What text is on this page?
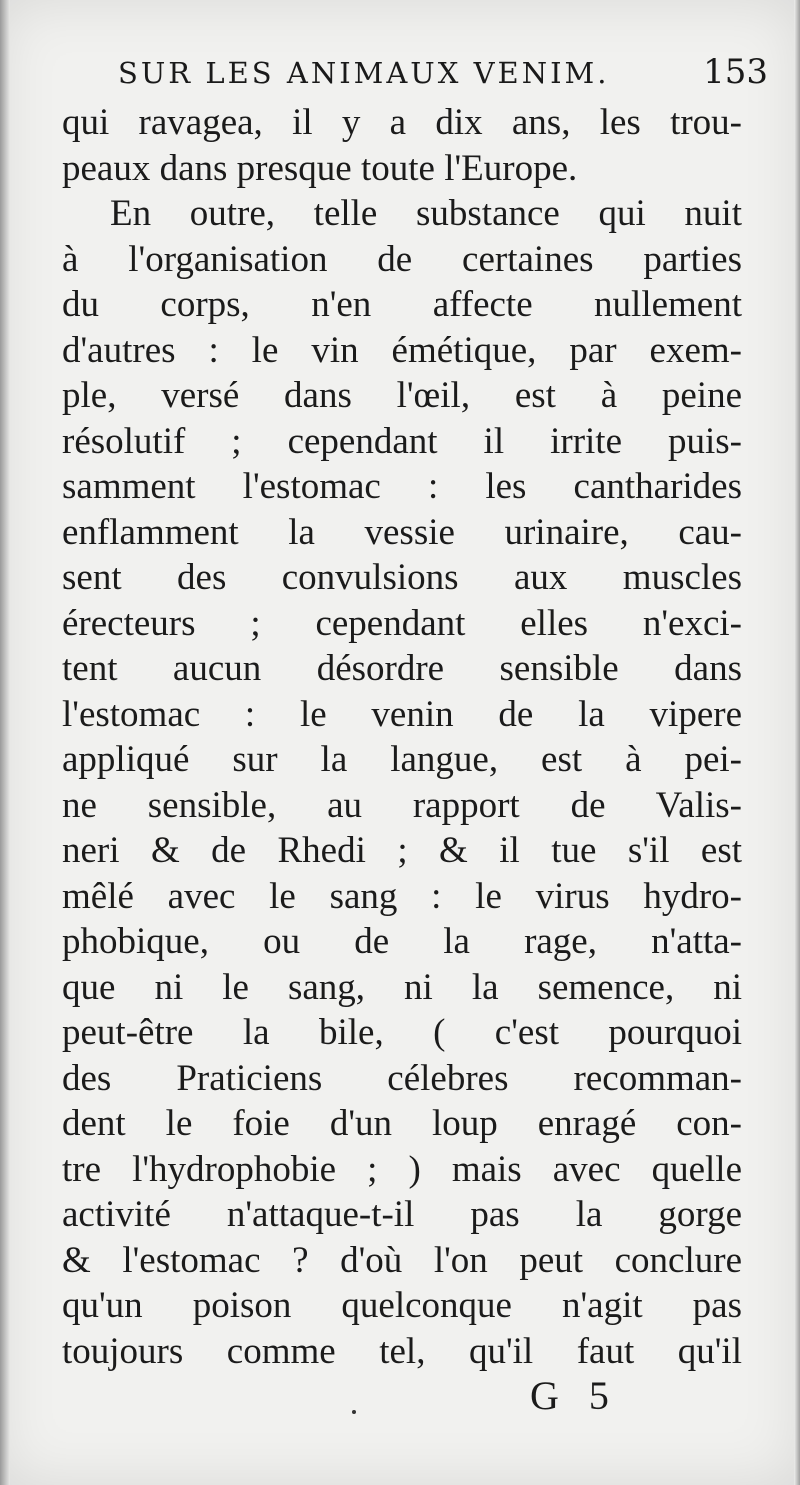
SUR LES ANIMAUX VENIM.	153
qui ravagea, il y a dix ans, les trou-
peaux dans presque toute l'Europe.
En outre, telle substance qui nuit
à l'organisation de certaines parties
du corps, n'en affecte nullement
d'autres : le vin émétique, par exem-
ple, versé dans l'œil, est à peine
résolutif ; cependant il irrite puis-
samment l'estomac : les cantharides
enflamment la vessie urinaire, cau-
sent des convulsions aux muscles
érecteurs ; cependant elles n'exci-
tent aucun désordre sensible dans
l'estomac : le venin de la vipere
appliqué sur la langue, est à pei-
ne sensible, au rapport de Valis-
neri & de Rhedi ; & il tue s'il est
mêlé avec le sang : le virus hydro-
phobique, ou de la rage, n'atta-
que ni le sang, ni la semence, ni
peut-être la bile, ( c'est pourquoi
des Praticiens célebres recomman-
dent le foie d'un loup enragé con-
tre l'hydrophobie ; ) mais avec quelle
activité n'attaque-t-il pas la gorge
& l'estomac ? d'où l'on peut conclure
qu'un poison quelconque n'agit pas
toujours comme tel, qu'il faut qu'il
G 5
